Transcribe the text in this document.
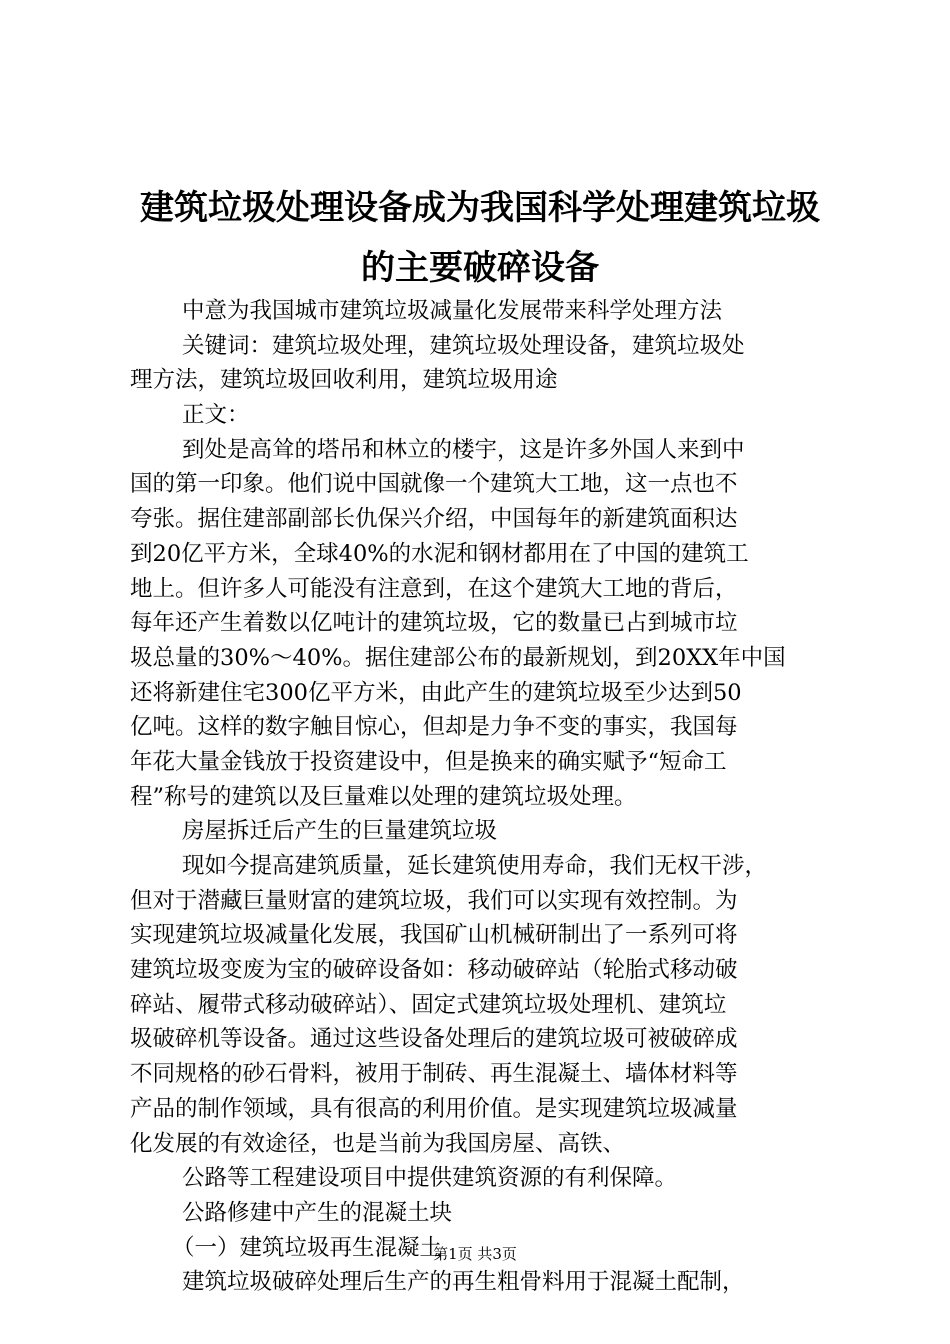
建筑垃圾处理设备成为我国科学处理建筑垃圾
的主要破碎设备
中意为我国城市建筑垃圾减量化发展带来科学处理方法
关键词：建筑垃圾处理，建筑垃圾处理设备，建筑垃圾处
理方法，建筑垃圾回收利用，建筑垃圾用途
正文：
到处是高耸的塔吊和林立的楼宇，这是许多外国人来到中
国的第一印象。他们说中国就像一个建筑大工地，这一点也不
夸张。据住建部副部长仇保兴介绍，中国每年的新建筑面积达
到20亿平方米，全球40%的水泥和钢材都用在了中国的建筑工
地上。但许多人可能没有注意到，在这个建筑大工地的背后，
每年还产生着数以亿吨计的建筑垃圾，它的数量已占到城市垃
圾总量的30%～40%。据住建部公布的最新规划，到20XX年中国
还将新建住宅300亿平方米，由此产生的建筑垃圾至少达到50
亿吨。这样的数字触目惊心，但却是力争不变的事实，我国每
年花大量金钱放于投资建设中，但是换来的确实赋予“短命工
程”称号的建筑以及巨量难以处理的建筑垃圾处理。
房屋拆迁后产生的巨量建筑垃圾
现如今提高建筑质量，延长建筑使用寿命，我们无权干涉，
但对于潜藏巨量财富的建筑垃圾，我们可以实现有效控制。为
实现建筑垃圾减量化发展，我国矿山机械研制出了一系列可将
建筑垃圾变废为宝的破碎设备如：移动破碎站（轮胎式移动破
碎站、履带式移动破碎站）、固定式建筑垃圾处理机、建筑垃
圾破碎机等设备。通过这些设备处理后的建筑垃圾可被破碎成
不同规格的砂石骨料，被用于制砖、再生混凝土、墙体材料等
产品的制作领域，具有很高的利用价值。是实现建筑垃圾减量
化发展的有效途径，也是当前为我国房屋、高铁、
公路等工程建设项目中提供建筑资源的有利保障。
公路修建中产生的混凝土块
（一）建筑垃圾再生混凝土
建筑垃圾破碎处理后生产的再生粗骨料用于混凝土配制，
第1页 共3页
